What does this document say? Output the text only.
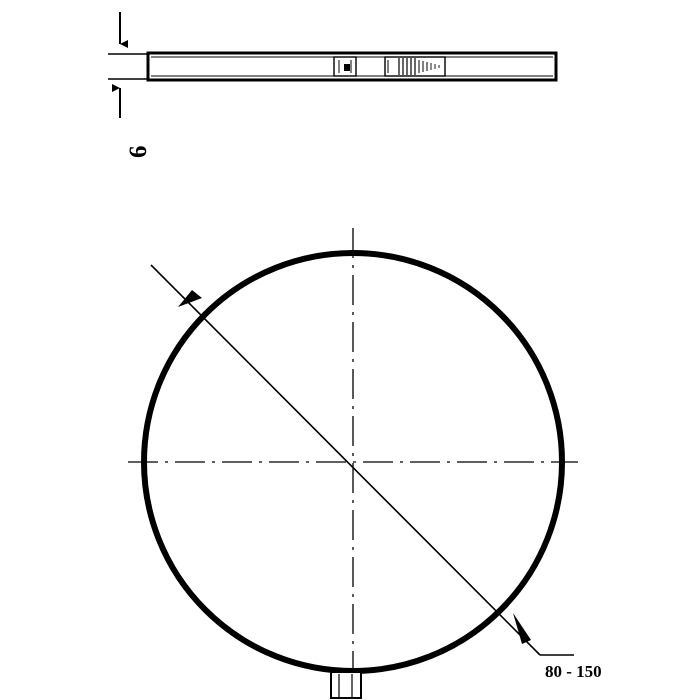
6
80 - 150
